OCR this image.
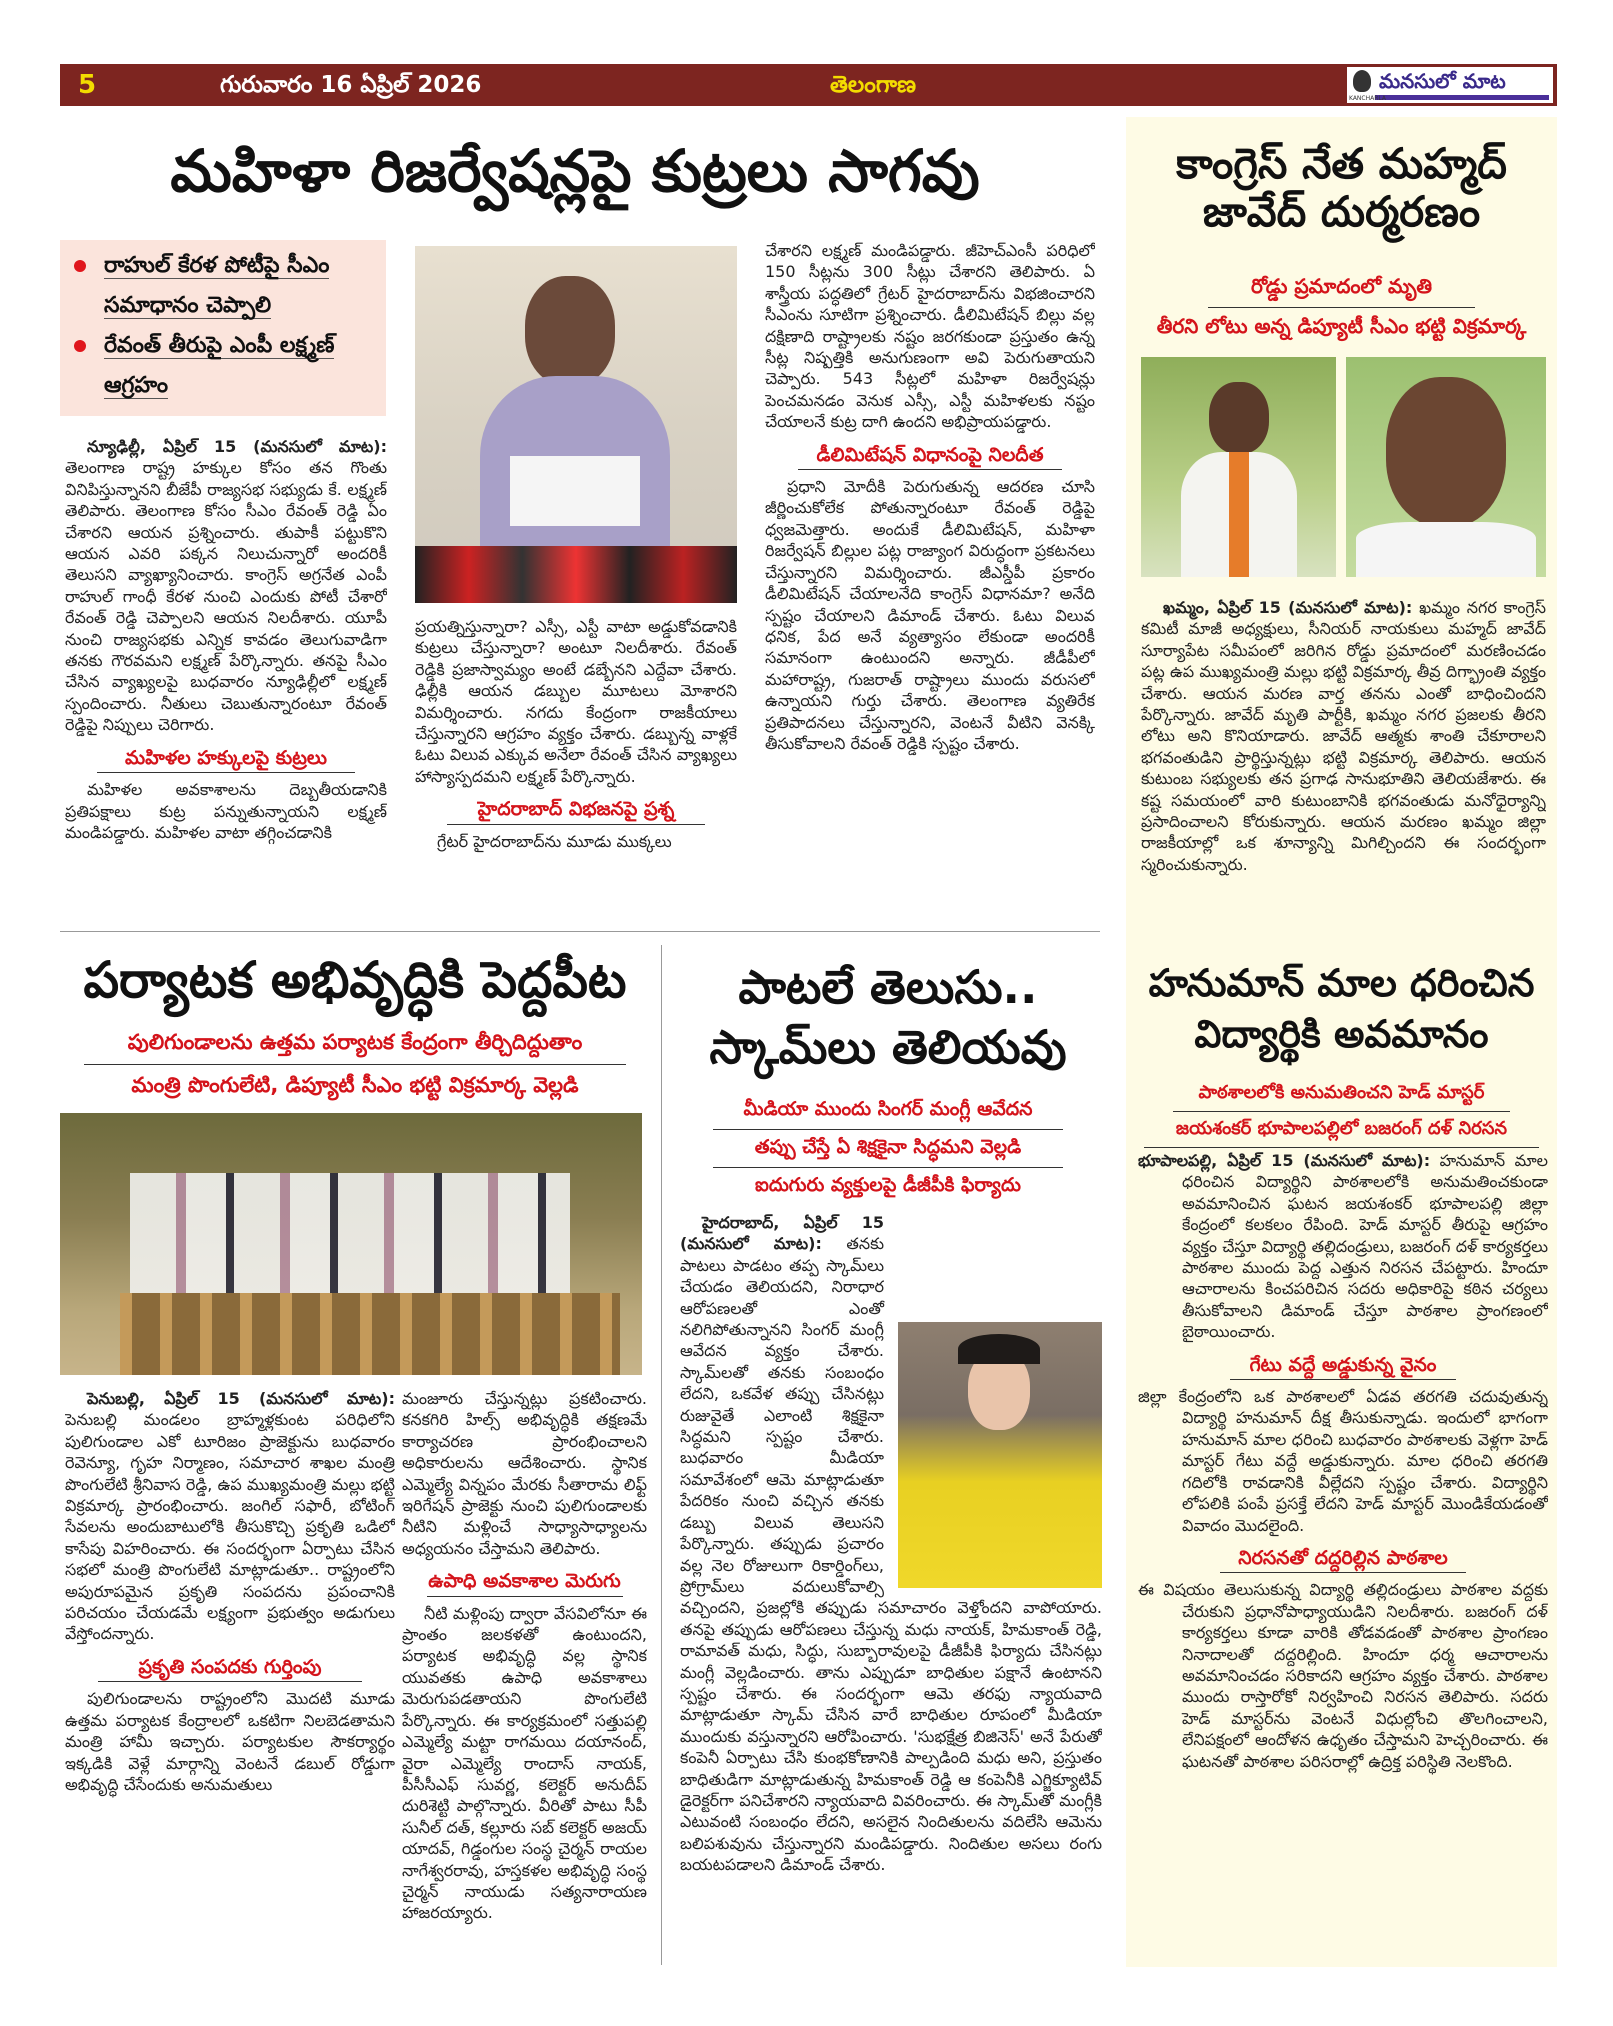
5	గురువారం 16 ఏప్రిల్ 2026	తెలంగాణ	మనసులో మాట
KANCHARLA
మహిళా రిజర్వేషన్లపై కుట్రలు సాగవు
రాహుల్ కేరళ పోటీపై సీఎం సమాధానం చెప్పాలి
రేవంత్ తీరుపై ఎంపీ లక్ష్మణ్ ఆగ్రహం

న్యూఢిల్లీ, ఏప్రిల్ 15 (మనసులో మాట): తెలంగాణ రాష్ట్ర హక్కుల కోసం తన గొంతు వినిపిస్తున్నానని బీజేపీ రాజ్యసభ సభ్యుడు కే. లక్ష్మణ్ తెలిపారు. తెలంగాణ కోసం సీఎం రేవంత్ రెడ్డి ఏం చేశారని ఆయన ప్రశ్నించారు. తుపాకీ పట్టుకొని ఆయన ఎవరి పక్కన నిలుచున్నారో అందరికీ తెలుసని వ్యాఖ్యానించారు. కాంగ్రెస్ అగ్రనేత ఎంపీ రాహుల్ గాంధీ కేరళ నుంచి ఎందుకు పోటీ చేశారో రేవంత్ రెడ్డి చెప్పాలని ఆయన నిలదీశారు. యూపీ నుంచి రాజ్యసభకు ఎన్నిక కావడం తెలుగువాడిగా తనకు గౌరవమని లక్ష్మణ్ పేర్కొన్నారు. తనపై సీఎం చేసిన వ్యాఖ్యలపై బుధవారం న్యూఢిల్లీలో లక్ష్మణ్ స్పందించారు. నీతులు చెబుతున్నారంటూ రేవంత్ రెడ్డిపై నిప్పులు చెరిగారు.

మహిళల హక్కులపై కుట్రలు

మహిళల అవకాశాలను దెబ్బతీయడానికి ప్రతిపక్షాలు కుట్ర పన్నుతున్నాయని లక్ష్మణ్ మండిపడ్డారు. మహిళల వాటా తగ్గించడానికి

ప్రయత్నిస్తున్నారా? ఎస్సీ, ఎస్టీ వాటా అడ్డుకోవడానికి కుట్రలు చేస్తున్నారా? అంటూ నిలదీశారు. రేవంత్ రెడ్డికి ప్రజాస్వామ్యం అంటే డబ్బేనని ఎద్దేవా చేశారు. ఢిల్లీకి ఆయన డబ్బుల మూటలు మోశారని విమర్శించారు. నగదు కేంద్రంగా రాజకీయాలు చేస్తున్నారని ఆగ్రహం వ్యక్తం చేశారు. డబ్బున్న వాళ్లకే ఓటు విలువ ఎక్కువ అనేలా రేవంత్ చేసిన వ్యాఖ్యలు హాస్యాస్పదమని లక్ష్మణ్ పేర్కొన్నారు.

హైదరాబాద్ విభజనపై ప్రశ్న

గ్రేటర్ హైదరాబాద్‌ను మూడు ముక్కలు

చేశారని లక్ష్మణ్ మండిపడ్డారు. జీహెచ్ఎంసీ పరిధిలో 150 సీట్లను 300 సీట్లు చేశారని తెలిపారు. ఏ శాస్త్రీయ పద్ధతిలో గ్రేటర్ హైదరాబాద్‌ను విభజించారని సీఎంను సూటిగా ప్రశ్నించారు. డీలిమిటేషన్ బిల్లు వల్ల దక్షిణాది రాష్ట్రాలకు నష్టం జరగకుండా ప్రస్తుతం ఉన్న సీట్ల నిష్పత్తికి అనుగుణంగా అవి పెరుగుతాయని చెప్పారు. 543 సీట్లలో మహిళా రిజర్వేషన్లు పెంచమనడం వెనుక ఎస్సీ, ఎస్టీ మహిళలకు నష్టం చేయాలనే కుట్ర దాగి ఉందని అభిప్రాయపడ్డారు.

డీలిమిటేషన్ విధానంపై నిలదీత

ప్రధాని మోదీకి పెరుగుతున్న ఆదరణ చూసి జీర్ణించుకోలేక పోతున్నారంటూ రేవంత్ రెడ్డిపై ధ్వజమెత్తారు. అందుకే డీలిమిటేషన్, మహిళా రిజర్వేషన్ బిల్లుల పట్ల రాజ్యాంగ విరుద్ధంగా ప్రకటనలు చేస్తున్నారని విమర్శించారు. జీఎస్డీపీ ప్రకారం డీలిమిటేషన్ చేయాలనేది కాంగ్రెస్ విధానమా? అనేది స్పష్టం చేయాలని డిమాండ్ చేశారు. ఓటు విలువ ధనిక, పేద అనే వ్యత్యాసం లేకుండా అందరికీ సమానంగా ఉంటుందని అన్నారు. జీడీపీలో మహారాష్ట్ర, గుజరాత్ రాష్ట్రాలు ముందు వరుసలో ఉన్నాయని గుర్తు చేశారు. తెలంగాణ వ్యతిరేక ప్రతిపాదనలు చేస్తున్నారని, వెంటనే వీటిని వెనక్కి తీసుకోవాలని రేవంత్ రెడ్డికి స్పష్టం చేశారు.

కాంగ్రెస్ నేత మహ్మద్ జావేద్ దుర్మరణం
రోడ్డు ప్రమాదంలో మృతి
తీరని లోటు అన్న డిప్యూటీ సీఎం భట్టి విక్రమార్క

ఖమ్మం, ఏప్రిల్ 15 (మనసులో మాట): ఖమ్మం నగర కాంగ్రెస్ కమిటీ మాజీ అధ్యక్షులు, సీనియర్ నాయకులు మహ్మద్ జావేద్ సూర్యాపేట సమీపంలో జరిగిన రోడ్డు ప్రమాదంలో మరణించడం పట్ల ఉప ముఖ్యమంత్రి మల్లు భట్టి విక్రమార్క తీవ్ర దిగ్భ్రాంతి వ్యక్తం చేశారు. ఆయన మరణ వార్త తనను ఎంతో బాధించిందని పేర్కొన్నారు. జావేద్ మృతి పార్టీకి, ఖమ్మం నగర ప్రజలకు తీరని లోటు అని కొనియాడారు. జావేద్ ఆత్మకు శాంతి చేకూరాలని భగవంతుడిని ప్రార్థిస్తున్నట్లు భట్టి విక్రమార్క తెలిపారు. ఆయన కుటుంబ సభ్యులకు తన ప్రగాఢ సానుభూతిని తెలియజేశారు. ఈ కష్ట సమయంలో వారి కుటుంబానికి భగవంతుడు మనోధైర్యాన్ని ప్రసాదించాలని కోరుకున్నారు. ఆయన మరణం ఖమ్మం జిల్లా రాజకీయాల్లో ఒక శూన్యాన్ని మిగిల్చిందని ఈ సందర్భంగా స్మరించుకున్నారు.

పర్యాటక అభివృద్ధికి పెద్దపీట
పులిగుండాలను ఉత్తమ పర్యాటక కేంద్రంగా తీర్చిదిద్దుతాం
మంత్రి పొంగులేటి, డిప్యూటీ సీఎం భట్టి విక్రమార్క వెల్లడి

పెనుబల్లి, ఏప్రిల్ 15 (మనసులో మాట): పెనుబల్లి మండలం బ్రాహ్మళ్లకుంట పరిధిలోని పులిగుండాల ఎకో టూరిజం ప్రాజెక్టును బుధవారం రెవెన్యూ, గృహ నిర్మాణం, సమాచార శాఖల మంత్రి పొంగులేటి శ్రీనివాస రెడ్డి, ఉప ముఖ్యమంత్రి మల్లు భట్టి విక్రమార్క ప్రారంభించారు. జంగిల్ సఫారీ, బోటింగ్ సేవలను అందుబాటులోకి తీసుకొచ్చి ప్రకృతి ఒడిలో కాసేపు విహరించారు. ఈ సందర్భంగా ఏర్పాటు చేసిన సభలో మంత్రి పొంగులేటి మాట్లాడుతూ.. రాష్ట్రంలోని అపురూపమైన ప్రకృతి సంపదను ప్రపంచానికి పరిచయం చేయడమే లక్ష్యంగా ప్రభుత్వం అడుగులు వేస్తోందన్నారు.

ప్రకృతి సంపదకు గుర్తింపు

పులిగుండాలను రాష్ట్రంలోని మొదటి మూడు ఉత్తమ పర్యాటక కేంద్రాలలో ఒకటిగా నిలబెడతామని మంత్రి హామీ ఇచ్చారు. పర్యాటకుల సౌకర్యార్థం ఇక్కడికి వెళ్లే మార్గాన్ని వెంటనే డబుల్ రోడ్డుగా అభివృద్ధి చేసేందుకు అనుమతులు

మంజూరు చేస్తున్నట్లు ప్రకటించారు. కనకగిరి హిల్స్ అభివృద్ధికి తక్షణమే కార్యాచరణ ప్రారంభించాలని అధికారులను ఆదేశించారు. స్థానిక ఎమ్మెల్యే విన్నపం మేరకు సీతారామ లిఫ్ట్ ఇరిగేషన్ ప్రాజెక్టు నుంచి పులిగుండాలకు నీటిని మళ్లించే సాధ్యాసాధ్యాలను అధ్యయనం చేస్తామని తెలిపారు.

ఉపాధి అవకాశాల మెరుగు

నీటి మళ్లింపు ద్వారా వేసవిలోనూ ఈ ప్రాంతం జలకళతో ఉంటుందని, పర్యాటక అభివృద్ధి వల్ల స్థానిక యువతకు ఉపాధి అవకాశాలు మెరుగుపడతాయని పొంగులేటి పేర్కొన్నారు. ఈ కార్యక్రమంలో సత్తుపల్లి ఎమ్మెల్యే మట్టా రాగమయి దయానంద్, వైరా ఎమ్మెల్యే రాందాస్ నాయక్, పీసీసీఎఫ్ సువర్ణ, కలెక్టర్ అనుదీప్ దురిశెట్టి పాల్గొన్నారు. వీరితో పాటు సీపీ సునీల్ దత్, కల్లూరు సబ్ కలెక్టర్ అజయ్ యాదవ్, గిడ్డంగుల సంస్థ చైర్మన్ రాయల నాగేశ్వరరావు, హస్తకళల అభివృద్ధి సంస్థ చైర్మన్ నాయుడు సత్యనారాయణ హాజరయ్యారు.

పాటలే తెలుసు.. స్కామ్‌లు తెలియవు
మీడియా ముందు సింగర్ మంగ్లీ ఆవేదన
తప్పు చేస్తే ఏ శిక్షకైనా సిద్ధమని వెల్లడి
ఐదుగురు వ్యక్తులపై డీజీపీకి ఫిర్యాదు

హైదరాబాద్, ఏప్రిల్ 15 (మనసులో మాట): తనకు పాటలు పాడటం తప్ప స్కామ్‌లు చేయడం తెలియదని, నిరాధార ఆరోపణలతో ఎంతో నలిగిపోతున్నానని సింగర్ మంగ్లీ ఆవేదన వ్యక్తం చేశారు. స్కామ్‌లతో తనకు సంబంధం లేదని, ఒకవేళ తప్పు చేసినట్లు రుజువైతే ఎలాంటి శిక్షకైనా సిద్ధమని స్పష్టం చేశారు. బుధవారం మీడియా సమావేశంలో ఆమె మాట్లాడుతూ పేదరికం నుంచి వచ్చిన తనకు డబ్బు విలువ తెలుసని పేర్కొన్నారు. తప్పుడు ప్రచారం వల్ల నెల రోజులుగా రికార్డింగ్‌లు, ప్రోగ్రామ్‌లు వదులుకోవాల్సి వచ్చిందని, ప్రజల్లోకి తప్పుడు సమాచారం వెళ్తోందని వాపోయారు. తనపై తప్పుడు ఆరోపణలు చేస్తున్న మధు నాయక్, హిమకాంత్ రెడ్డి, రామావత్ మధు, సిద్ధు, సుబ్బారావులపై డీజీపీకి ఫిర్యాదు చేసినట్లు మంగ్లీ వెల్లడించారు. తాను ఎప్పుడూ బాధితుల పక్షానే ఉంటానని స్పష్టం చేశారు. ఈ సందర్భంగా ఆమె తరఫు న్యాయవాది మాట్లాడుతూ స్కామ్ చేసిన వారే బాధితుల రూపంలో మీడియా ముందుకు వస్తున్నారని ఆరోపించారు. 'సుభక్షేత్ర బిజినెస్' అనే పేరుతో కంపెనీ ఏర్పాటు చేసి కుంభకోణానికి పాల్పడింది మధు అని, ప్రస్తుతం బాధితుడిగా మాట్లాడుతున్న హిమకాంత్ రెడ్డి ఆ కంపెనీకి ఎగ్జిక్యూటివ్ డైరెక్టర్‌గా పనిచేశారని న్యాయవాది వివరించారు. ఈ స్కామ్‌తో మంగ్లీకి ఎటువంటి సంబంధం లేదని, అసలైన నిందితులను వదిలేసి ఆమెను బలిపశువును చేస్తున్నారని మండిపడ్డారు. నిందితుల అసలు రంగు బయటపడాలని డిమాండ్ చేశారు.

హనుమాన్ మాల ధరించిన విద్యార్థికి అవమానం
పాఠశాలలోకి అనుమతించని హెడ్ మాస్టర్
జయశంకర్ భూపాలపల్లిలో బజరంగ్ దళ్ నిరసన

భూపాలపల్లి, ఏప్రిల్ 15 (మనసులో మాట): హనుమాన్ మాల ధరించిన విద్యార్థిని పాఠశాలలోకి అనుమతించకుండా అవమానించిన ఘటన జయశంకర్ భూపాలపల్లి జిల్లా కేంద్రంలో కలకలం రేపింది. హెడ్ మాస్టర్ తీరుపై ఆగ్రహం వ్యక్తం చేస్తూ విద్యార్థి తల్లిదండ్రులు, బజరంగ్ దళ్ కార్యకర్తలు పాఠశాల ముందు పెద్ద ఎత్తున నిరసన చేపట్టారు. హిందూ ఆచారాలను కించపరిచిన సదరు అధికారిపై కఠిన చర్యలు తీసుకోవాలని డిమాండ్ చేస్తూ పాఠశాల ప్రాంగణంలో బైఠాయించారు.

గేటు వద్దే అడ్డుకున్న వైనం

జిల్లా కేంద్రంలోని ఒక పాఠశాలలో ఏడవ తరగతి చదువుతున్న విద్యార్థి హనుమాన్ దీక్ష తీసుకున్నాడు. ఇందులో భాగంగా హనుమాన్ మాల ధరించి బుధవారం పాఠశాలకు వెళ్లగా హెడ్ మాస్టర్ గేటు వద్దే అడ్డుకున్నారు. మాల ధరించి తరగతి గదిలోకి రావడానికి వీల్లేదని స్పష్టం చేశారు. విద్యార్థిని లోపలికి పంపే ప్రసక్తే లేదని హెడ్ మాస్టర్ మొండికేయడంతో వివాదం మొదలైంది.

నిరసనతో దద్దరిల్లిన పాఠశాల

ఈ విషయం తెలుసుకున్న విద్యార్థి తల్లిదండ్రులు పాఠశాల వద్దకు చేరుకుని ప్రధానోపాధ్యాయుడిని నిలదీశారు. బజరంగ్ దళ్ కార్యకర్తలు కూడా వారికి తోడవడంతో పాఠశాల ప్రాంగణం నినాదాలతో దద్దరిల్లింది. హిందూ ధర్మ ఆచారాలను అవమానించడం సరికాదని ఆగ్రహం వ్యక్తం చేశారు. పాఠశాల ముందు రాస్తారోకో నిర్వహించి నిరసన తెలిపారు. సదరు హెడ్ మాస్టర్‌ను వెంటనే విధుల్లోంచి తొలగించాలని, లేనిపక్షంలో ఆందోళన ఉధృతం చేస్తామని హెచ్చరించారు. ఈ ఘటనతో పాఠశాల పరిసరాల్లో ఉద్రిక్త పరిస్థితి నెలకొంది.
